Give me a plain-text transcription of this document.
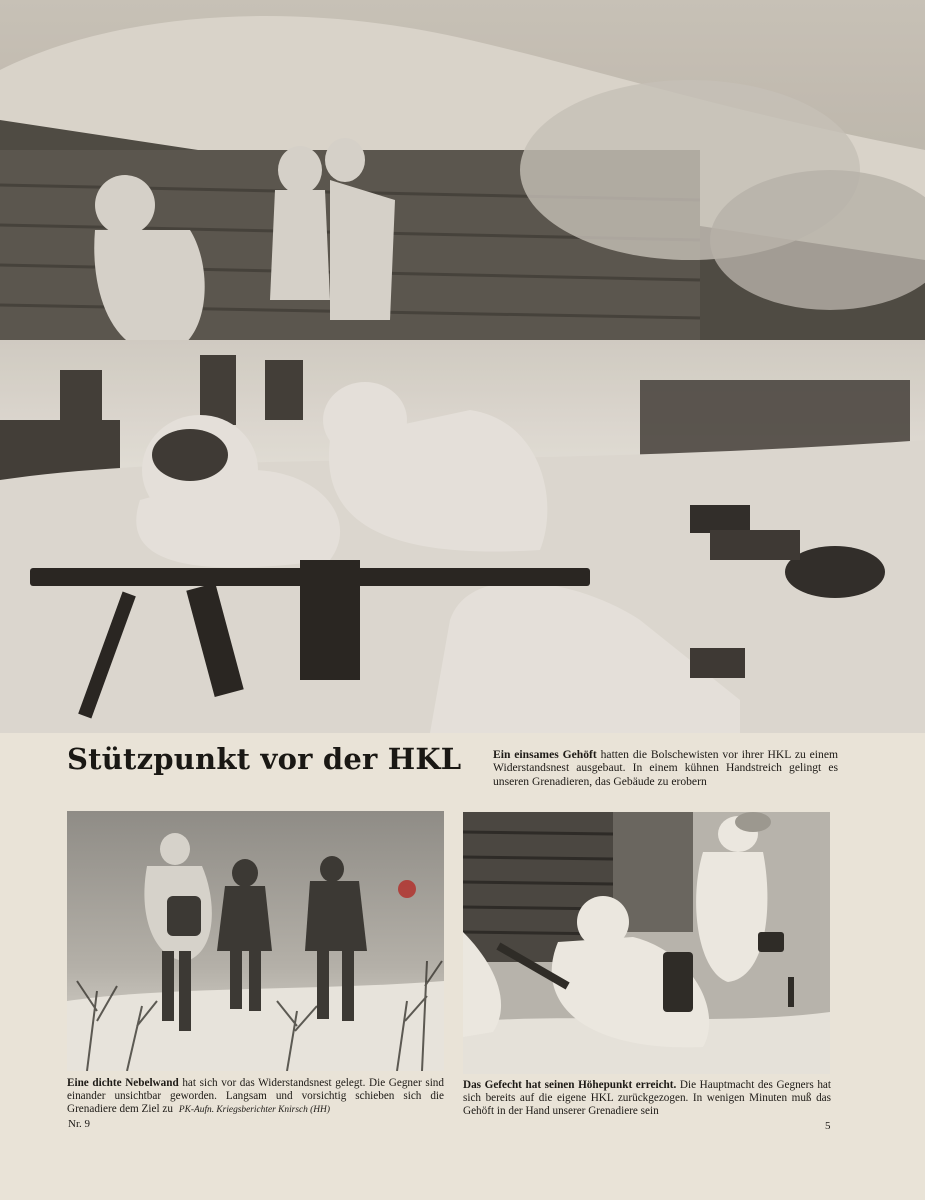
Stützpunkt vor der HKL	Ein einsames Gehöft hatten die Bolschewisten vor ihrer HKL zu einem Widerstandsnest ausgebaut. In einem kühnen Handstreich gelingt es unseren Grenadieren, das Gebäude zu erobern
Eine dichte Nebelwand hat sich vor das Widerstandsnest gelegt. Die Gegner sind einander unsichtbar geworden. Langsam und vorsichtig schieben sich die Grenadiere dem Ziel zu PK-Aufn. Kriegsberichter Knirsch (HH)
Das Gefecht hat seinen Höhepunkt erreicht. Die Hauptmacht des Gegners hat sich bereits auf die eigene HKL zurückgezogen. In wenigen Minuten muß das Gehöft in der Hand unserer Grenadiere sein
Nr. 9	5
